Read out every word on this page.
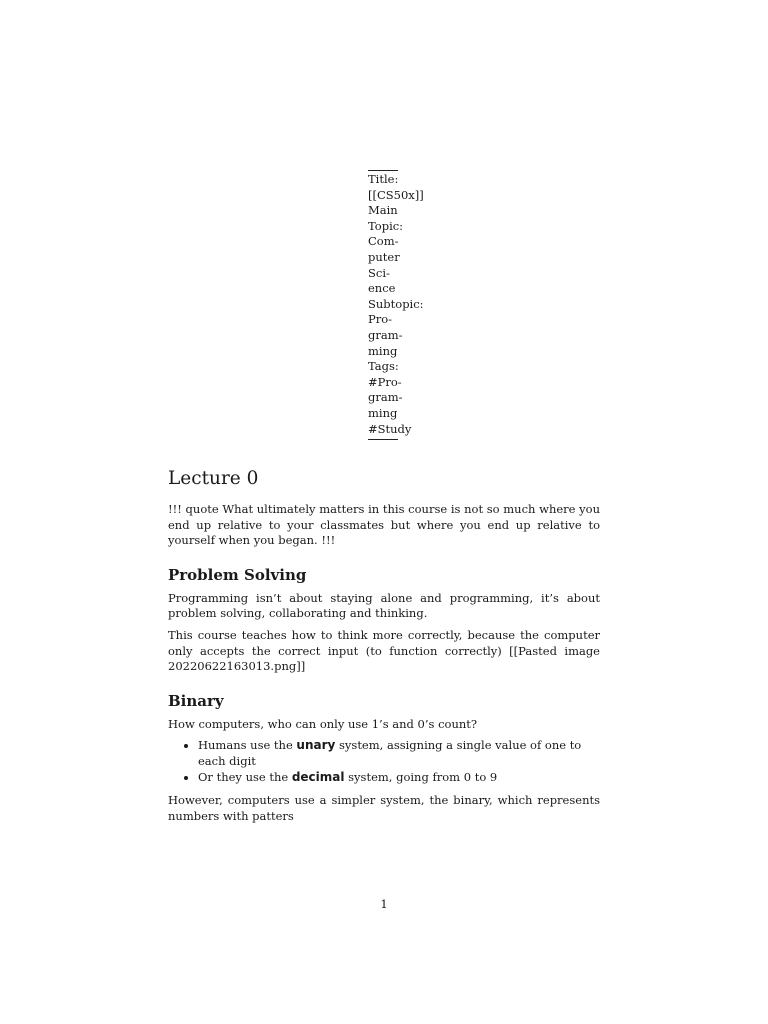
Title:
[[CS50x]]
Main
Topic:
Com-
puter
Sci-
ence
Subtopic:
Pro-
gram-
ming
Tags:
#Pro-
gram-
ming
#Study
Lecture 0

!!! quote What ultimately matters in this course is not so much where you end up relative to your classmates but where you end up relative to yourself when you began. !!!

Problem Solving

Programming isn’t about staying alone and programming, it’s about problem solving, collaborating and thinking.

This course teaches how to think more correctly, because the computer only accepts the correct input (to function correctly) [[Pasted image 20220622163013.png]]

Binary

How computers, who can only use 1’s and 0’s count?

• Humans use the unary system, assigning a single value of one to each digit
• Or they use the decimal system, going from 0 to 9

However, computers use a simpler system, the binary, which represents numbers with patters

1
